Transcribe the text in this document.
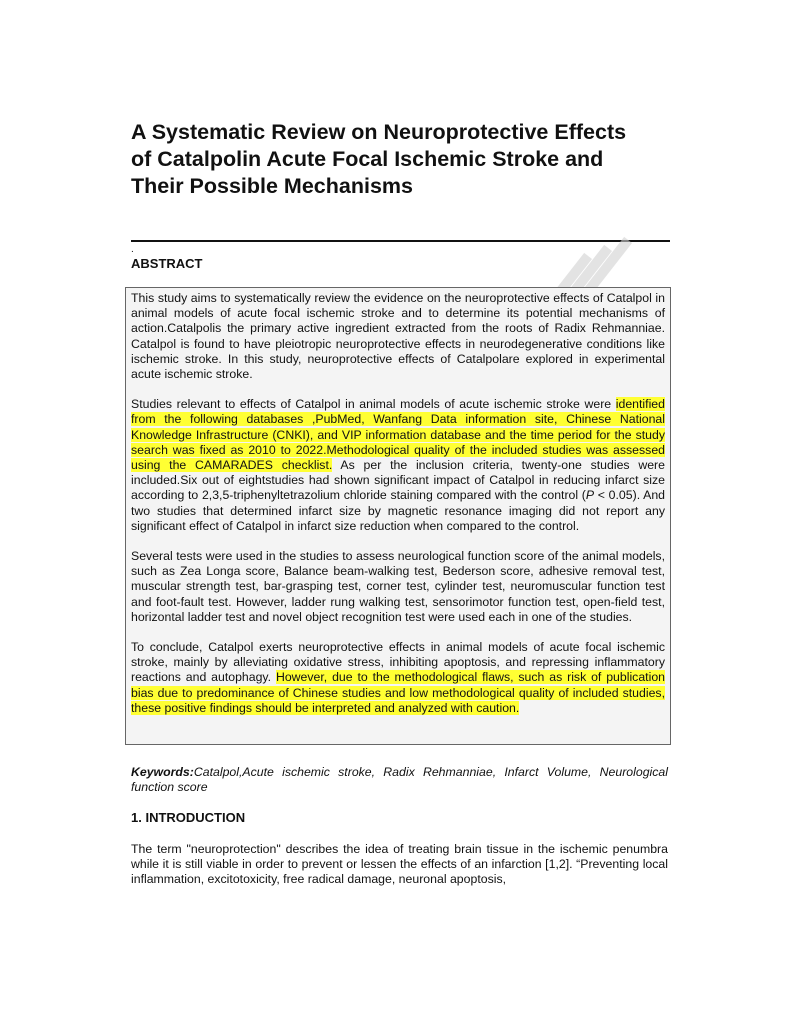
A Systematic Review on Neuroprotective Effects of Catalpolin Acute Focal Ischemic Stroke and Their Possible Mechanisms
.
ABSTRACT

This study aims to systematically review the evidence on the neuroprotective effects of Catalpol in animal models of acute focal ischemic stroke and to determine its potential mechanisms of action.Catalpolis the primary active ingredient extracted from the roots of Radix Rehmanniae. Catalpol is found to have pleiotropic neuroprotective effects in neurodegenerative conditions like ischemic stroke. In this study, neuroprotective effects of Catalpolare explored in experimental acute ischemic stroke.

Studies relevant to effects of Catalpol in animal models of acute ischemic stroke were identified from the following databases ,PubMed, Wanfang Data information site, Chinese National Knowledge Infrastructure (CNKI), and VIP information database and the time period for the study search was fixed as 2010 to 2022.Methodological quality of the included studies was assessed using the CAMARADES checklist. As per the inclusion criteria, twenty-one studies were included.Six out of eightstudies had shown significant impact of Catalpol in reducing infarct size according to 2,3,5-triphenyltetrazolium chloride staining compared with the control (P < 0.05). And two studies that determined infarct size by magnetic resonance imaging did not report any significant effect of Catalpol in infarct size reduction when compared to the control.

Several tests were used in the studies to assess neurological function score of the animal models, such as Zea Longa score, Balance beam-walking test, Bederson score, adhesive removal test, muscular strength test, bar-grasping test, corner test, cylinder test, neuromuscular function test and foot-fault test. However, ladder rung walking test, sensorimotor function test, open-field test, horizontal ladder test and novel object recognition test were used each in one of the studies.

To conclude, Catalpol exerts neuroprotective effects in animal models of acute focal ischemic stroke, mainly by alleviating oxidative stress, inhibiting apoptosis, and repressing inflammatory reactions and autophagy. However, due to the methodological flaws, such as risk of publication bias due to predominance of Chinese studies and low methodological quality of included studies, these positive findings should be interpreted and analyzed with caution.

Keywords:Catalpol,Acute ischemic stroke, Radix Rehmanniae, Infarct Volume, Neurological function score
1. INTRODUCTION
The term "neuroprotection" describes the idea of treating brain tissue in the ischemic penumbra while it is still viable in order to prevent or lessen the effects of an infarction [1,2]. “Preventing local inflammation, excitotoxicity, free radical damage, neuronal apoptosis,
